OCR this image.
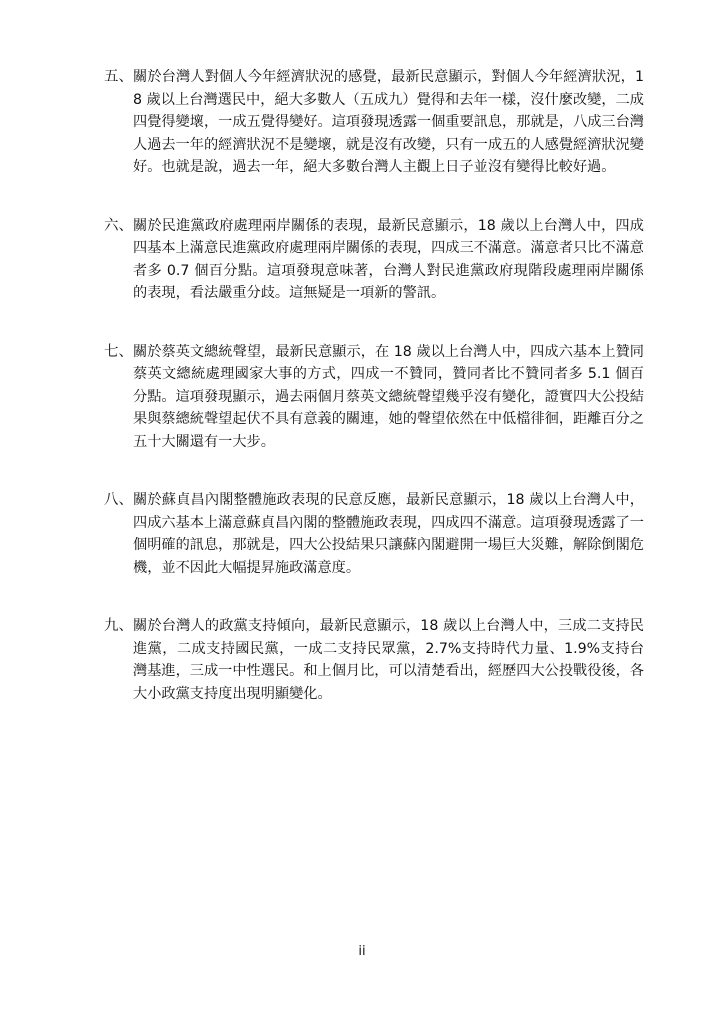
五、 關於台灣人對個人今年經濟狀況的感覺，最新民意顯示，對個人今年經濟狀況，18 歲以上台灣選民中，絕大多數人（五成九）覺得和去年一樣，沒什麼改變，二成四覺得變壞，一成五覺得變好。這項發現透露一個重要訊息，那就是，八成三台灣人過去一年的經濟狀況不是變壞，就是沒有改變，只有一成五的人感覺經濟狀況變好。也就是說，過去一年，絕大多數台灣人主觀上日子並沒有變得比較好過。
六、 關於民進黨政府處理兩岸關係的表現，最新民意顯示，18 歲以上台灣人中，四成四基本上滿意民進黨政府處理兩岸關係的表現，四成三不滿意。滿意者只比不滿意者多 0.7 個百分點。這項發現意味著，台灣人對民進黨政府現階段處理兩岸關係的表現，看法嚴重分歧。這無疑是一項新的警訊。
七、 關於蔡英文總統聲望，最新民意顯示，在 18 歲以上台灣人中，四成六基本上贊同蔡英文總統處理國家大事的方式，四成一不贊同，贊同者比不贊同者多 5.1 個百分點。這項發現顯示，過去兩個月蔡英文總統聲望幾乎沒有變化，證實四大公投結果與蔡總統聲望起伏不具有意義的關連，她的聲望依然在中低檔徘徊，距離百分之五十大關還有一大步。
八、 關於蘇貞昌內閣整體施政表現的民意反應，最新民意顯示，18 歲以上台灣人中，四成六基本上滿意蘇貞昌內閣的整體施政表現，四成四不滿意。這項發現透露了一個明確的訊息，那就是，四大公投結果只讓蘇內閣避開一場巨大災難，解除倒閣危機，並不因此大幅提昇施政滿意度。
九、 關於台灣人的政黨支持傾向，最新民意顯示，18 歲以上台灣人中，三成二支持民進黨，二成支持國民黨，一成二支持民眾黨，2.7%支持時代力量、1.9%支持台灣基進，三成一中性選民。和上個月比，可以清楚看出，經歷四大公投戰役後，各大小政黨支持度出現明顯變化。
ii
